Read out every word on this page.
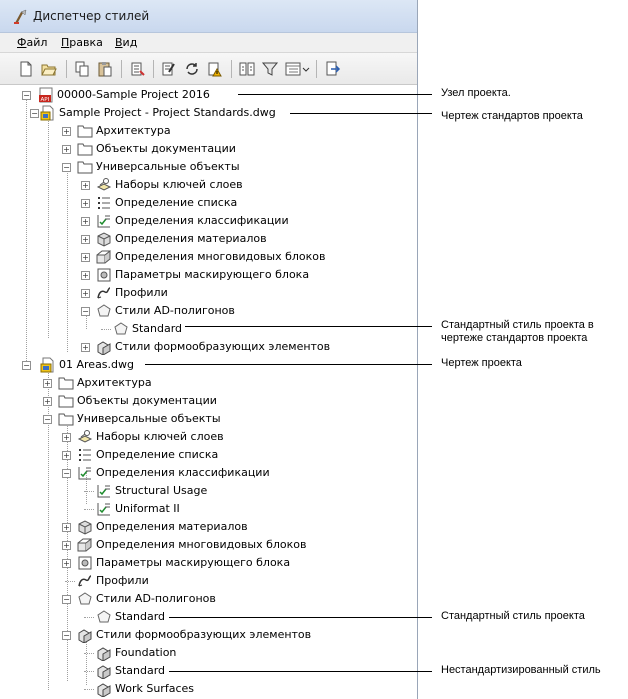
Диспетчер стилей
Файл Правка Вид
− API 00000-Sample Project 2016
− Sample Project - Project Standards.dwg
+ Архитектура
+ Объекты документации
− Универсальные объекты
+ Наборы ключей слоев
+ Определение списка
+ Определения классификации
+ Определения материалов
+ Определения многовидовых блоков
+ Параметры маскирующего блока
+ Профили
− Стили AD-полигонов
Standard
+ Стили формообразующих элементов
−	01 Areas.dwg
+ Архитектура
+ Объекты документации
− Универсальные объекты
+ Наборы ключей слоев
+ Определение списка
− Определения классификации
Structural Usage
Uniformat II
+ Определения материалов
+ Определения многовидовых блоков
+ Параметры маскирующего блока
Профили
− Стили AD-полигонов
Standard
− Стили формообразующих элементов
Foundation
Standard
Work Surfaces
Узел проекта.
Чертеж стандартов проекта
Стандартный стиль проекта в
чертеже стандартов проекта
Чертеж проекта
Стандартный стиль проекта
Нестандартизированный стиль
